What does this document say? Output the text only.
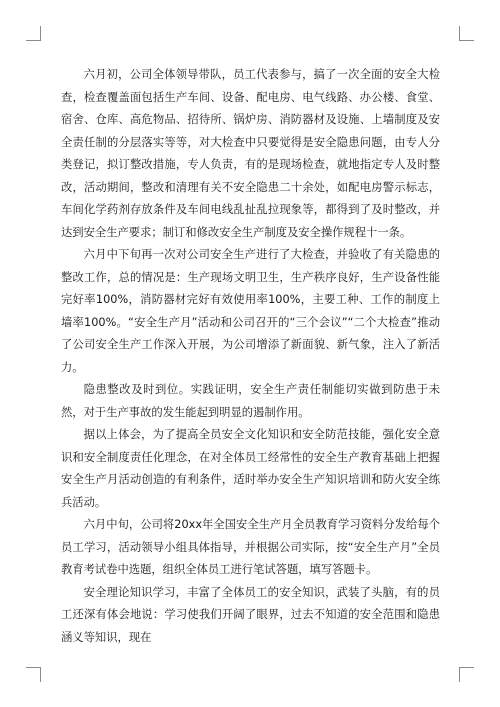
六月初，公司全体领导带队，员工代表参与，搞了一次全面的安全大检查，检查覆盖面包括生产车间、设备、配电房、电气线路、办公楼、食堂、宿舍、仓库、高危物品、招待所、锅炉房、消防器材及设施、上墙制度及安全责任制的分层落实等等，对大检查中只要觉得是安全隐患问题，由专人分类登记，拟订整改措施，专人负责，有的是现场检查，就地指定专人及时整改，活动期间，整改和清理有关不安全隐患二十余处，如配电房警示标志，车间化学药剂存放条件及车间电线乱扯乱拉现象等，都得到了及时整改，并达到安全生产要求；制订和修改安全生产制度及安全操作规程十一条。

六月中下旬再一次对公司安全生产进行了大检查，并验收了有关隐患的整改工作，总的情况是：生产现场文明卫生，生产秩序良好，生产设备性能完好率100%，消防器材完好有效使用率100%，主要工种、工作的制度上墙率100%。“安全生产月”活动和公司召开的“三个会议”“二个大检查”推动了公司安全生产工作深入开展，为公司增添了新面貌、新气象，注入了新活力。

隐患整改及时到位。实践证明，安全生产责任制能切实做到防患于未然，对于生产事故的发生能起到明显的遏制作用。

据以上体会，为了提高全员安全文化知识和安全防范技能，强化安全意识和安全制度责任化理念，在对全体员工经常性的安全生产教育基础上把握安全生产月活动创造的有利条件，适时举办安全生产知识培训和防火安全练兵活动。

六月中旬，公司将20xx年全国安全生产月全员教育学习资料分发给每个员工学习，活动领导小组具体指导，并根据公司实际，按“安全生产月”全员教育考试卷中选题，组织全体员工进行笔试答题，填写答题卡。

安全理论知识学习，丰富了全体员工的安全知识，武装了头脑，有的员工还深有体会地说：学习使我们开阔了眼界，过去不知道的安全范围和隐患涵义等知识，现在
